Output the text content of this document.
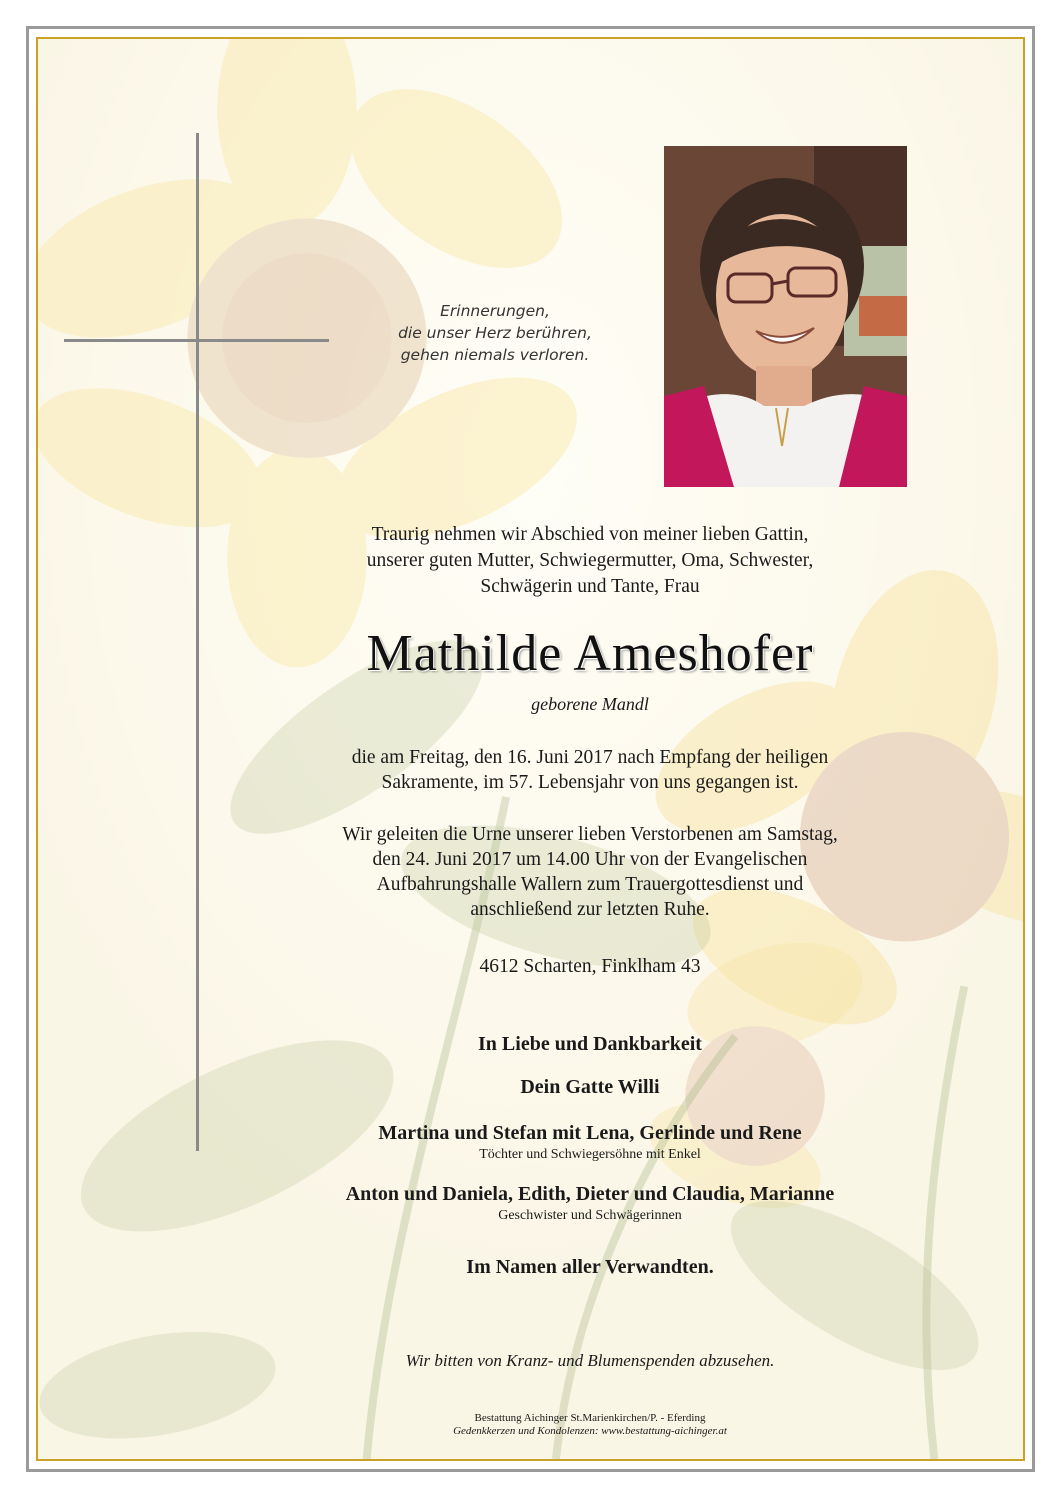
Erinnerungen,
die unser Herz berühren,
gehen niemals verloren.
Traurig nehmen wir Abschied von meiner lieben Gattin,
unserer guten Mutter, Schwiegermutter, Oma, Schwester,
Schwägerin und Tante, Frau
Mathilde Ameshofer
geborene Mandl
die am Freitag, den 16. Juni 2017 nach Empfang der heiligen
Sakramente, im 57. Lebensjahr von uns gegangen ist.
Wir geleiten die Urne unserer lieben Verstorbenen am Samstag,
den 24. Juni 2017 um 14.00 Uhr von der Evangelischen
Aufbahrungshalle Wallern zum Trauergottesdienst und
anschließend zur letzten Ruhe.
4612 Scharten, Finklham 43
In Liebe und Dankbarkeit
Dein Gatte Willi
Martina und Stefan mit Lena, Gerlinde und Rene
Töchter und Schwiegersöhne mit Enkel
Anton und Daniela, Edith, Dieter und Claudia, Marianne
Geschwister und Schwägerinnen
Im Namen aller Verwandten.
Wir bitten von Kranz- und Blumenspenden abzusehen.
Bestattung Aichinger St.Marienkirchen/P. - Eferding
Gedenkkerzen und Kondolenzen: www.bestattung-aichinger.at
